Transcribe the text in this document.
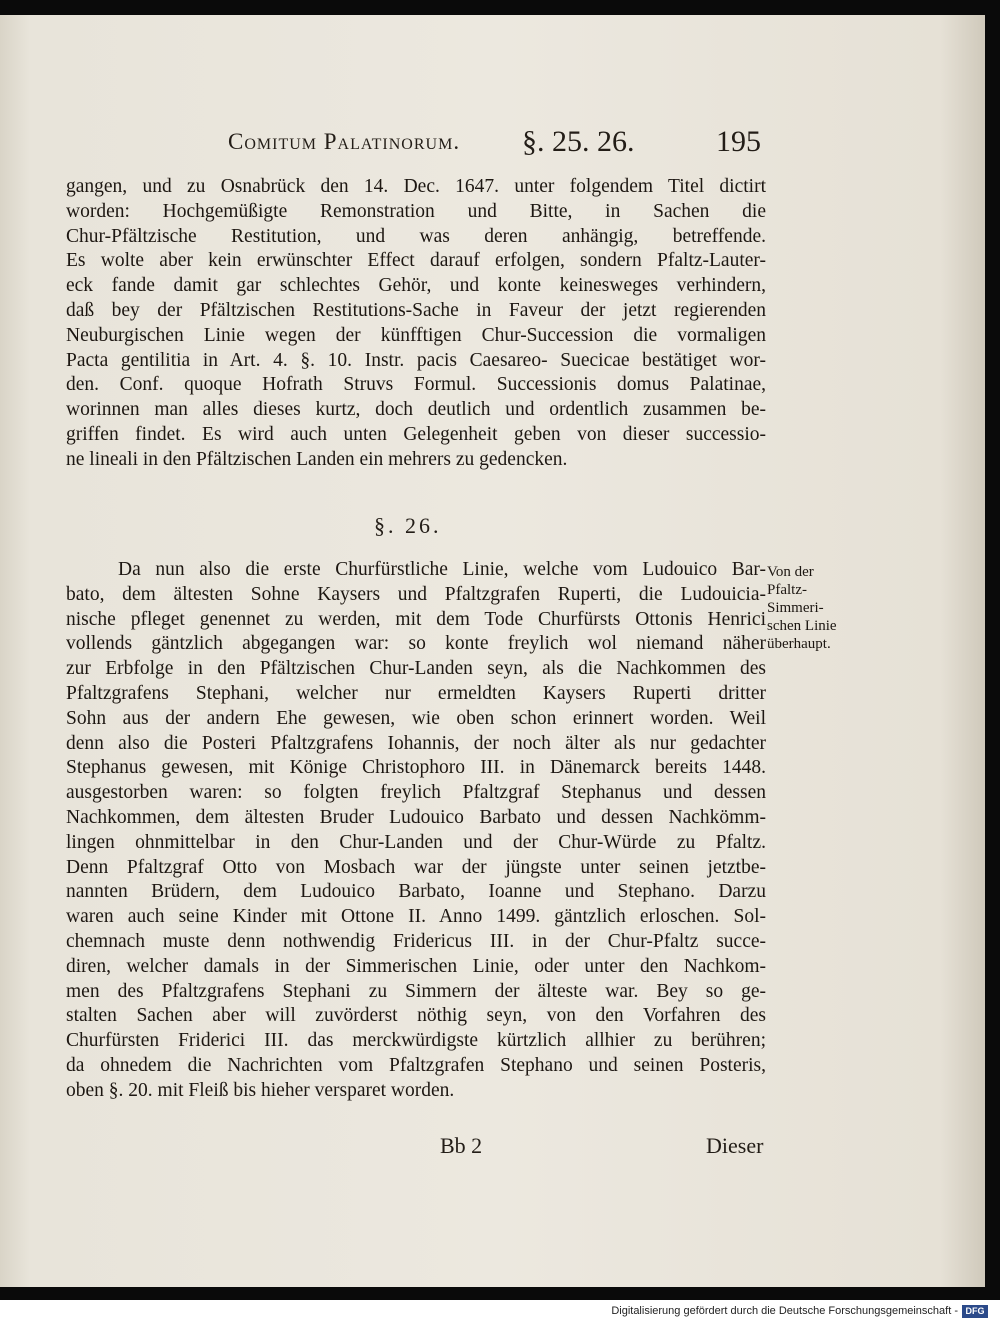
Comitum Palatinorum. §. 25. 26.	195
gangen, und zu Osnabrück den 14. Dec. 1647. unter folgendem Titel dictirt
worden: Hochgemüßigte Remonstration und Bitte, in Sachen die
Chur-Pfältzische Restitution, und was deren anhängig, betreffende.
Es wolte aber kein erwünschter Effect darauf erfolgen, sondern Pfaltz-Lauter-
eck fande damit gar schlechtes Gehör, und konte keinesweges verhindern,
daß bey der Pfältzischen Restitutions-Sache in Faveur der jetzt regierenden
Neuburgischen Linie wegen der künfftigen Chur-Succession die vormaligen
Pacta gentilitia in Art. 4. §. 10. Instr. pacis Caesareo- Suecicae bestätiget wor-
den. Conf. quoque Hofrath Struvs Formul. Successionis domus Palatinae,
worinnen man alles dieses kurtz, doch deutlich und ordentlich zusammen be-
griffen findet. Es wird auch unten Gelegenheit geben von dieser successio-
ne lineali in den Pfältzischen Landen ein mehrers zu gedencken.
§. 26.
Da nun also die erste Churfürstliche Linie, welche vom Ludouico Bar-
bato, dem ältesten Sohne Kaysers und Pfaltzgrafen Ruperti, die Ludouicia-
nische pfleget genennet zu werden, mit dem Tode Churfürsts Ottonis Henrici
vollends gäntzlich abgegangen war: so konte freylich wol niemand näher
zur Erbfolge in den Pfältzischen Chur-Landen seyn, als die Nachkommen des
Pfaltzgrafens Stephani, welcher nur ermeldten Kaysers Ruperti dritter
Sohn aus der andern Ehe gewesen, wie oben schon erinnert worden. Weil
denn also die Posteri Pfaltzgrafens Iohannis, der noch älter als nur gedachter
Stephanus gewesen, mit Könige Christophoro III. in Dänemarck bereits 1448.
ausgestorben waren: so folgten freylich Pfaltzgraf Stephanus und dessen
Nachkommen, dem ältesten Bruder Ludouico Barbato und dessen Nachkömm-
lingen ohnmittelbar in den Chur-Landen und der Chur-Würde zu Pfaltz.
Denn Pfaltzgraf Otto von Mosbach war der jüngste unter seinen jetztbe-
nannten Brüdern, dem Ludouico Barbato, Ioanne und Stephano. Darzu
waren auch seine Kinder mit Ottone II. Anno 1499. gäntzlich erloschen. Sol-
chemnach muste denn nothwendig Fridericus III. in der Chur-Pfaltz succe-
diren, welcher damals in der Simmerischen Linie, oder unter den Nachkom-
men des Pfaltzgrafens Stephani zu Simmern der älteste war. Bey so ge-
stalten Sachen aber will zuvörderst nöthig seyn, von den Vorfahren des
Churfürsten Friderici III. das merckwürdigste kürtzlich allhier zu berühren;
da ohnedem die Nachrichten vom Pfaltzgrafen Stephano und seinen Posteris,
oben §. 20. mit Fleiß bis hieher versparet worden.
Von der
Pfaltz-
Simmeri-
schen Linie
überhaupt.
Bb 2	Dieser
Digitalisierung gefördert durch die Deutsche Forschungsgemeinschaft - DFG
